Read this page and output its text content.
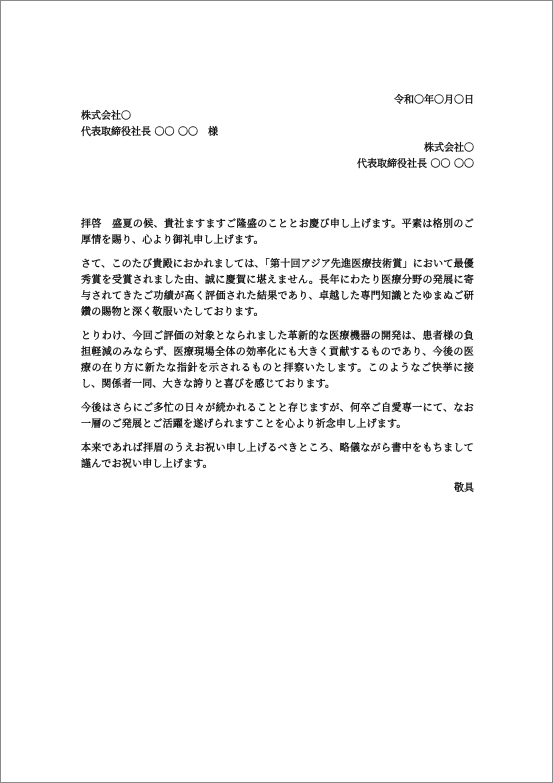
令和〇年〇月〇日
株式会社〇
代表取締役社長 〇〇 〇〇　様
株式会社〇
代表取締役社長 〇〇 〇〇

拝啓　盛夏の候、貴社ますますご隆盛のこととお慶び申し上げます。平素は格別のご厚情を賜り、心より御礼申し上げます。

さて、このたび貴殿におかれましては、「第十回アジア先進医療技術賞」において最優秀賞を受賞されました由、誠に慶賀に堪えません。長年にわたり医療分野の発展に寄与されてきたご功績が高く評価された結果であり、卓越した専門知識とたゆまぬご研鑽の賜物と深く敬服いたしております。

とりわけ、今回ご評価の対象となられました革新的な医療機器の開発は、患者様の負担軽減のみならず、医療現場全体の効率化にも大きく貢献するものであり、今後の医療の在り方に新たな指針を示されるものと拝察いたします。このようなご快挙に接し、関係者一同、大きな誇りと喜びを感じております。

今後はさらにご多忙の日々が続かれることと存じますが、何卒ご自愛専一にて、なお一層のご発展とご活躍を遂げられますことを心より祈念申し上げます。

本来であれば拝眉のうえお祝い申し上げるべきところ、略儀ながら書中をもちまして謹んでお祝い申し上げます。

敬具
